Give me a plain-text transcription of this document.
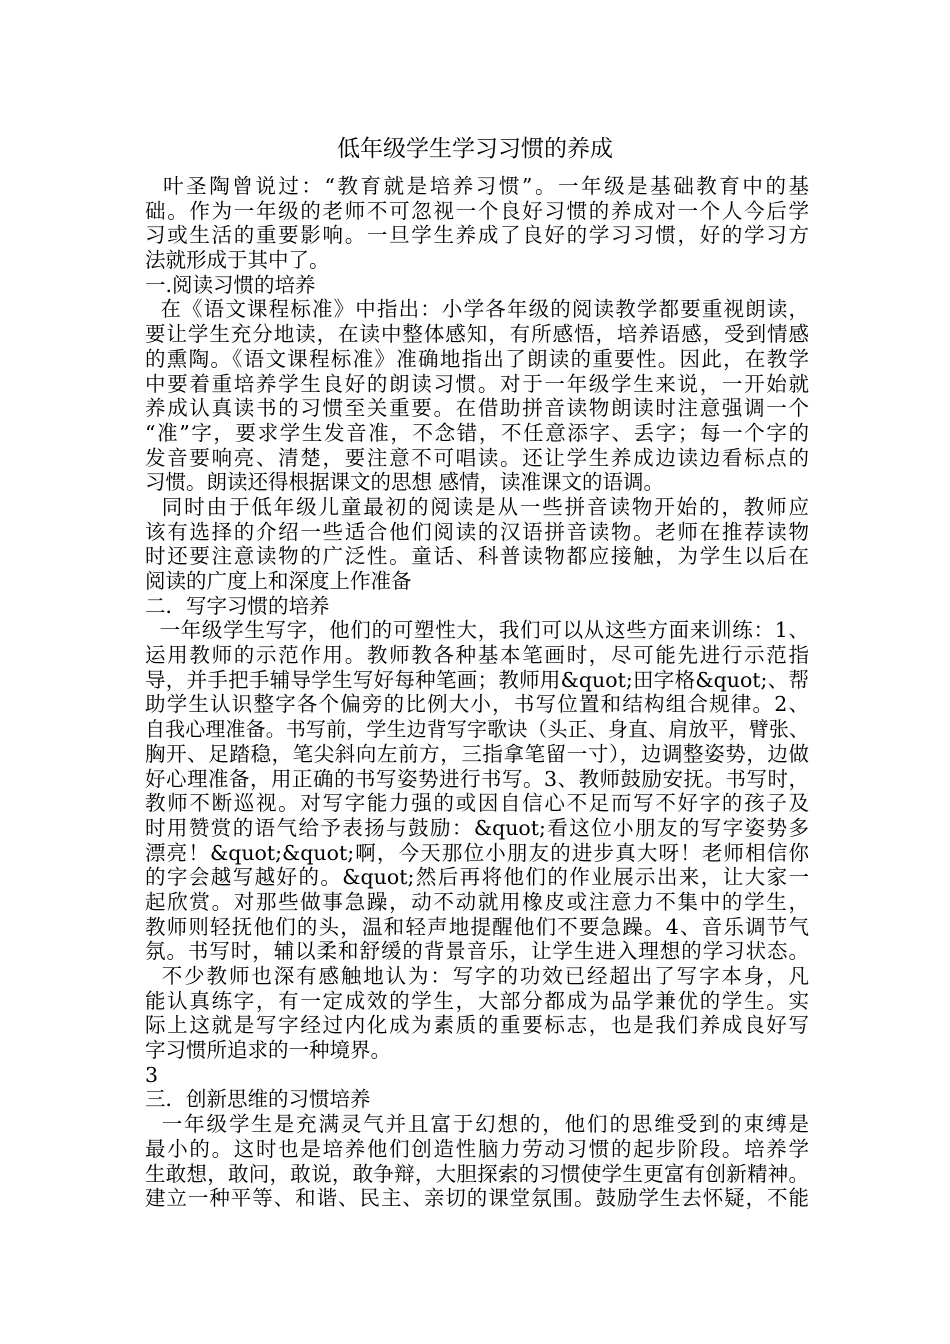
低年级学生学习习惯的养成
叶圣陶曾说过：“教育就是培养习惯”。一年级是基础教育中的基
础。作为一年级的老师不可忽视一个良好习惯的养成对一个人今后学
习或生活的重要影响。一旦学生养成了良好的学习习惯，好的学习方
法就形成于其中了。
一.阅读习惯的培养
在《语文课程标准》中指出：小学各年级的阅读教学都要重视朗读，
要让学生充分地读，在读中整体感知，有所感悟，培养语感，受到情感
的熏陶。《语文课程标准》准确地指出了朗读的重要性。因此，在教学
中要着重培养学生良好的朗读习惯。对于一年级学生来说，一开始就
养成认真读书的习惯至关重要。在借助拼音读物朗读时注意强调一个
“准”字，要求学生发音准，不念错，不任意添字、丢字；每一个字的
发音要响亮、清楚，要注意不可唱读。还让学生养成边读边看标点的
习惯。朗读还得根据课文的思想 感情，读准课文的语调。
同时由于低年级儿童最初的阅读是从一些拼音读物开始的，教师应
该有选择的介绍一些适合他们阅读的汉语拼音读物。老师在推荐读物
时还要注意读物的广泛性。童话、科普读物都应接触，为学生以后在
阅读的广度上和深度上作准备
二．写字习惯的培养
一年级学生写字，他们的可塑性大，我们可以从这些方面来训练：1、
运用教师的示范作用。教师教各种基本笔画时，尽可能先进行示范指
导，并手把手辅导学生写好每种笔画；教师用&quot;田字格&quot;、帮
助学生认识整字各个偏旁的比例大小，书写位置和结构组合规律。2、
自我心理准备。书写前，学生边背写字歌诀（头正、身直、肩放平，臂张、
胸开、足踏稳，笔尖斜向左前方，三指拿笔留一寸），边调整姿势，边做
好心理准备，用正确的书写姿势进行书写。3、教师鼓励安抚。书写时，
教师不断巡视。对写字能力强的或因自信心不足而写不好字的孩子及
时用赞赏的语气给予表扬与鼓励：&quot;看这位小朋友的写字姿势多
漂亮！&quot;&quot;啊，今天那位小朋友的进步真大呀！老师相信你
的字会越写越好的。&quot;然后再将他们的作业展示出来，让大家一
起欣赏。对那些做事急躁，动不动就用橡皮或注意力不集中的学生，
教师则轻抚他们的头，温和轻声地提醒他们不要急躁。4、音乐调节气
氛。书写时，辅以柔和舒缓的背景音乐，让学生进入理想的学习状态。
不少教师也深有感触地认为：写字的功效已经超出了写字本身，凡
能认真练字，有一定成效的学生，大部分都成为品学兼优的学生。实
际上这就是写字经过内化成为素质的重要标志，也是我们养成良好写
字习惯所追求的一种境界。
3
三．创新思维的习惯培养
一年级学生是充满灵气并且富于幻想的，他们的思维受到的束缚是
最小的。这时也是培养他们创造性脑力劳动习惯的起步阶段。培养学
生敢想，敢问，敢说，敢争辩，大胆探索的习惯使学生更富有创新精神。
建立一种平等、和谐、民主、亲切的课堂氛围。鼓励学生去怀疑，不能
